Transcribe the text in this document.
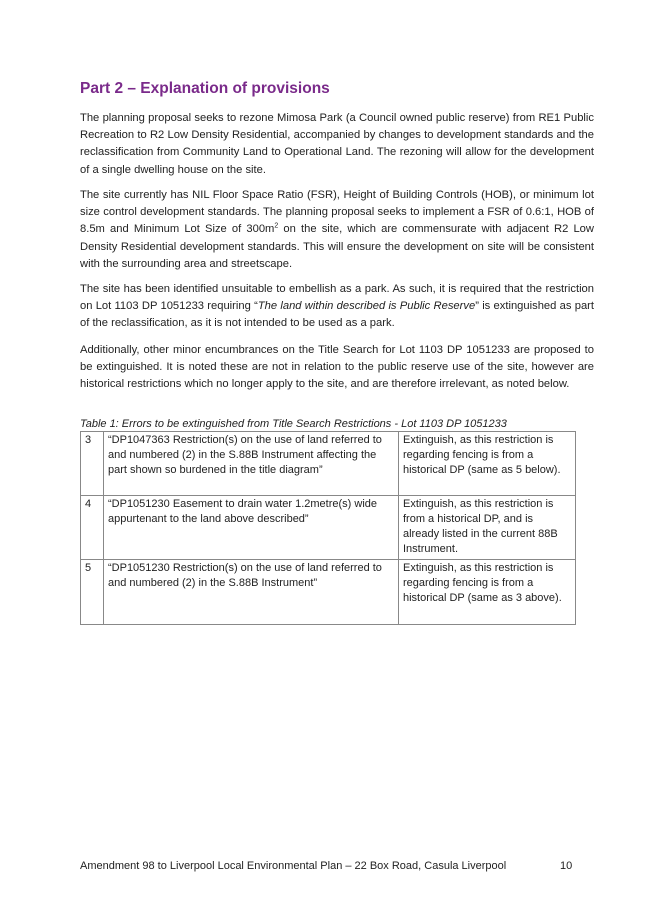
Part 2 – Explanation of provisions

The planning proposal seeks to rezone Mimosa Park (a Council owned public reserve) from RE1 Public Recreation to R2 Low Density Residential, accompanied by changes to development standards and the reclassification from Community Land to Operational Land. The rezoning will allow for the development of a single dwelling house on the site.

The site currently has NIL Floor Space Ratio (FSR), Height of Building Controls (HOB), or minimum lot size control development standards. The planning proposal seeks to implement a FSR of 0.6:1, HOB of 8.5m and Minimum Lot Size of $300m^2$ on the site, which are commensurate with adjacent R2 Low Density Residential development standards. This will ensure the development on site will be consistent with the surrounding area and streetscape.

The site has been identified unsuitable to embellish as a park. As such, it is required that the restriction on Lot 1103 DP 1051233 requiring “The land within described is Public Reserve” is extinguished as part of the reclassification, as it is not intended to be used as a park.

Additionally, other minor encumbrances on the Title Search for Lot 1103 DP 1051233 are proposed to be extinguished. It is noted these are not in relation to the public reserve use of the site, however are historical restrictions which no longer apply to the site, and are therefore irrelevant, as noted below.

Table 1: Errors to be extinguished from Title Search Restrictions - Lot 1103 DP 1051233

3	“DP1047363 Restriction(s) on the use of land referred to and numbered (2) in the S.88B Instrument affecting the part shown so burdened in the title diagram”	Extinguish, as this restriction is regarding fencing is from a historical DP (same as 5 below).
4	“DP1051230 Easement to drain water 1.2metre(s) wide appurtenant to the land above described”	Extinguish, as this restriction is from a historical DP, and is already listed in the current 88B Instrument.
5	“DP1051230 Restriction(s) on the use of land referred to and numbered (2) in the S.88B Instrument”	Extinguish, as this restriction is regarding fencing is from a historical DP (same as 3 above).
Amendment 98 to Liverpool Local Environmental Plan – 22 Box Road, Casula Liverpool	10
